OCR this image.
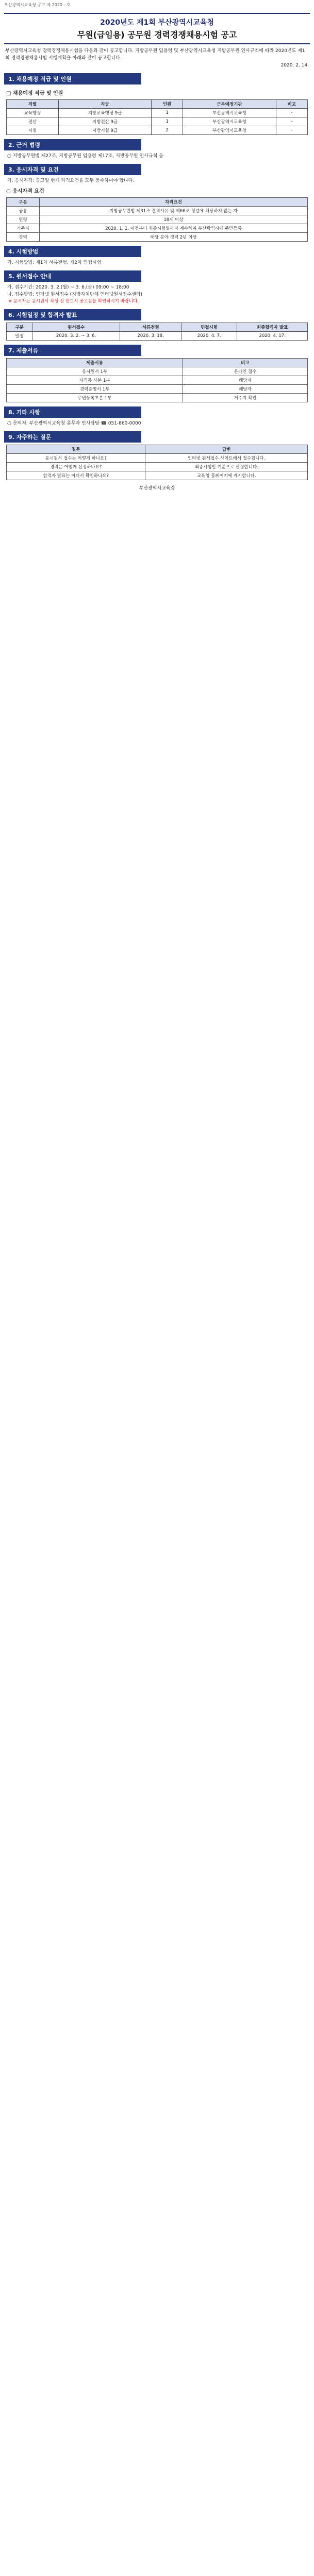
부산광역시교육청 공고 제 2020 - 호
2020년도 제1회 부산광역시교육청
무원(급임용) 공무원 경력경쟁채용시험 공고
부산광역시교육청 경력경쟁채용시험을 다음과 같이 공고합니다. 지방공무원 임용령 및 부산광역시교육청 지방공무원 인사규칙에 따라 2020년도 제1회 경력경쟁채용시험 시행계획을 아래와 같이 공고합니다.
2020. 2. 14.
1. 채용예정 직급 및 인원
□ 채용예정 직급 및 인원
직렬	직급	인원	근무예정기관	비고
교육행정	지방교육행정 9급	1	부산광역시교육청	-
전산	지방전산 9급	1	부산광역시교육청	-
시설	지방시설 9급	2	부산광역시교육청	-
2. 근거 법령
○ 지방공무원법 제27조, 지방공무원 임용령 제17조, 지방공무원 인사규칙 등
3. 응시자격 및 요건
가. 응시자격: 공고일 현재 자격요건을 모두 충족하여야 합니다.
○ 응시자격 요건
구분	자격요건
공통	지방공무원법 제31조 결격사유 및 제66조 정년에 해당하지 않는 자
연령	18세 이상
거주지	2020. 1. 1. 이전부터 최종시험일까지 계속하여 부산광역시에 주민등록
경력	해당 분야 경력 2년 이상
4. 시험방법
가. 시험방법: 제1차 서류전형, 제2차 면접시험
5. 원서접수 안내
가. 접수기간: 2020. 3. 2.(월) ~ 3. 6.(금) 09:00 ~ 18:00
나. 접수방법: 인터넷 원서접수 (지방자치단체 인터넷원서접수센터)
※ 응시자는 응시원서 작성 전 반드시 공고문을 확인하시기 바랍니다.
6. 시험일정 및 합격자 발표
구분	원서접수	서류전형	면접시험	최종합격자 발표
일정	2020. 3. 2. ~ 3. 6.	2020. 3. 18.	2020. 4. 7.	2020. 4. 17.
7. 제출서류
제출서류	비고
응시원서 1부	온라인 접수
자격증 사본 1부	해당자
경력증명서 1부	해당자
주민등록초본 1부	거주지 확인
8. 기타 사항
○ 문의처: 부산광역시교육청 총무과 인사담당 ☎ 051-860-0000
9. 자주하는 질문
질문	답변
응시원서 접수는 어떻게 하나요?	인터넷 원서접수 사이트에서 접수합니다.
경력은 어떻게 산정하나요?	최종시험일 기준으로 산정합니다.
합격자 발표는 어디서 확인하나요?	교육청 홈페이지에 게시합니다.
부산광역시교육감
